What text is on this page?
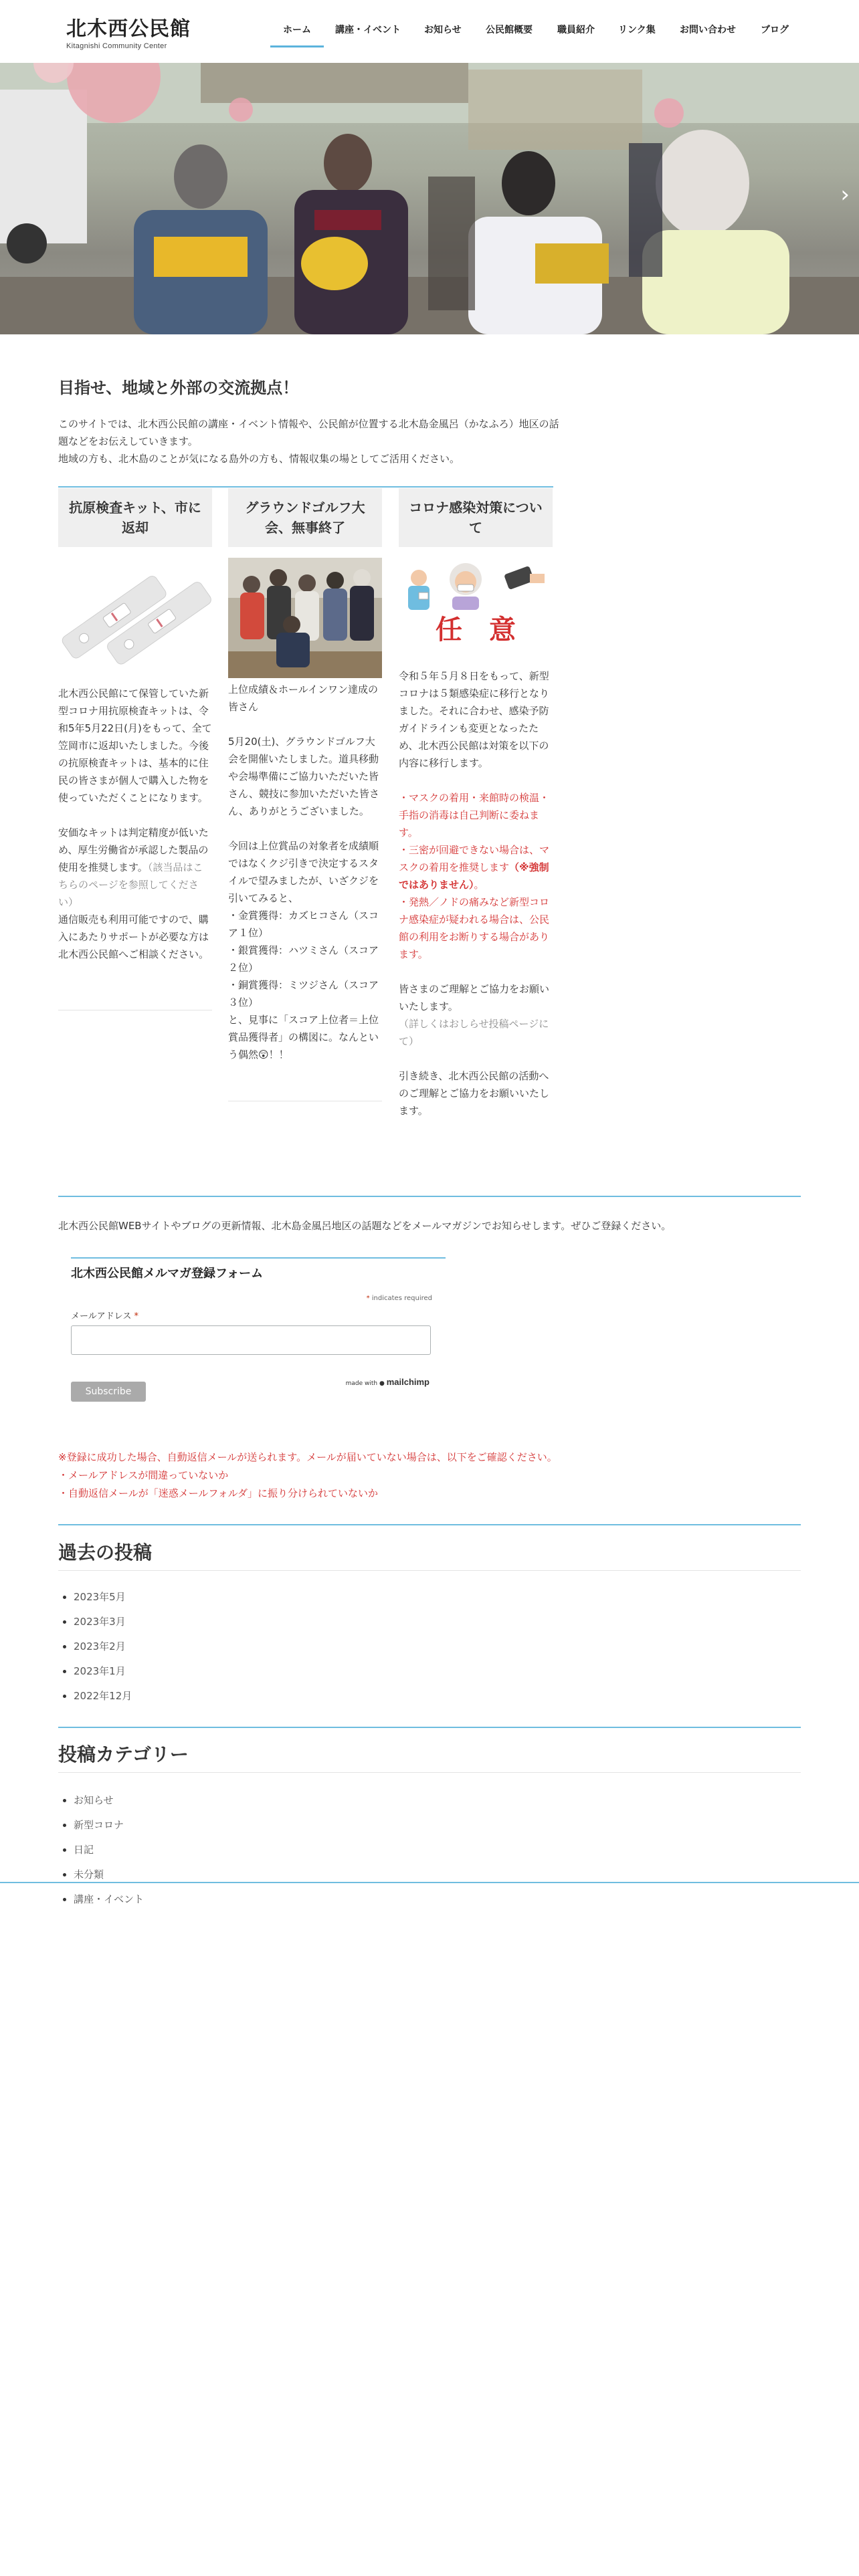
北木西公民館
Kitagnishi Community Center
ホーム	講座・イベント	お知らせ	公民館概要	職員紹介	リンク集	お問い合わせ	ブログ
›
目指せ、地域と外部の交流拠点！

このサイトでは、北木西公民館の講座・イベント情報や、公民館が位置する北木島金風呂（かなふろ）地区の話題などをお伝えしていきます。

地域の方も、北木島のことが気になる島外の方も、情報収集の場としてご活用ください。

抗原検査キット、市に返却

北木西公民館にて保管していた新型コロナ用抗原検査キットは、令和5年5月22日(月)をもって、全て笠岡市に返却いたしました。今後の抗原検査キットは、基本的に住民の皆さまが個人で購入した物を使っていただくことになります。

安価なキットは判定精度が低いため、厚生労働省が承認した製品の使用を推奨します。（該当品はこちらのページを参照してください）
通信販売も利用可能ですので、購入にあたりサポートが必要な方は北木西公民館へご相談ください。

グラウンドゴルフ大会、無事終了

上位成績＆ホールインワン達成の皆さん

5月20(土)、グラウンドゴルフ大会を開催いたしました。道具移動や会場準備にご協力いただいた皆さん、競技に参加いただいた皆さん、ありがとうございました。

今回は上位賞品の対象者を成績順ではなくクジ引きで決定するスタイルで望みましたが、いざクジを引いてみると、
・金賞獲得：カズヒコさん（スコア１位）
・銀賞獲得：ハツミさん（スコア２位）
・銅賞獲得：ミツジさん（スコア３位）
と、見事に「スコア上位者＝上位賞品獲得者」の構図に。なんという偶然😲！！

コロナ感染対策について
任　意

令和５年５月８日をもって、新型コロナは５類感染症に移行となりました。それに合わせ、感染予防ガイドラインも変更となったため、北木西公民館は対策を以下の内容に移行します。

・マスクの着用・来館時の検温・手指の消毒は自己判断に委ねます。

・三密が回避できない場合は、マスクの着用を推奨します（※強制ではありません）。

・発熱／ノドの痛みなど新型コロナ感染症が疑われる場合は、公民館の利用をお断りする場合があります。

皆さまのご理解とご協力をお願いいたします。
（詳しくはおしらせ投稿ページにて）

引き続き、北木西公民館の活動へのご理解とご協力をお願いいたします。

北木西公民館WEBサイトやブログの更新情報、北木島金風呂地区の話題などをメールマガジンでお知らせします。ぜひご登録ください。

北木西公民館メルマガ登録フォーム
* indicates required
メールアドレス *
Subscribe
made with ● mailchimp

※登録に成功した場合、自動返信メールが送られます。メールが届いていない場合は、以下をご確認ください。

・メールアドレスが間違っていないか

・自動返信メールが「迷惑メールフォルダ」に振り分けられていないか

過去の投稿
• 2023年5月
• 2023年3月
• 2023年2月
• 2023年1月
• 2022年12月
投稿カテゴリー
• お知らせ
• 新型コロナ
• 日記
• 未分類
• 講座・イベント
